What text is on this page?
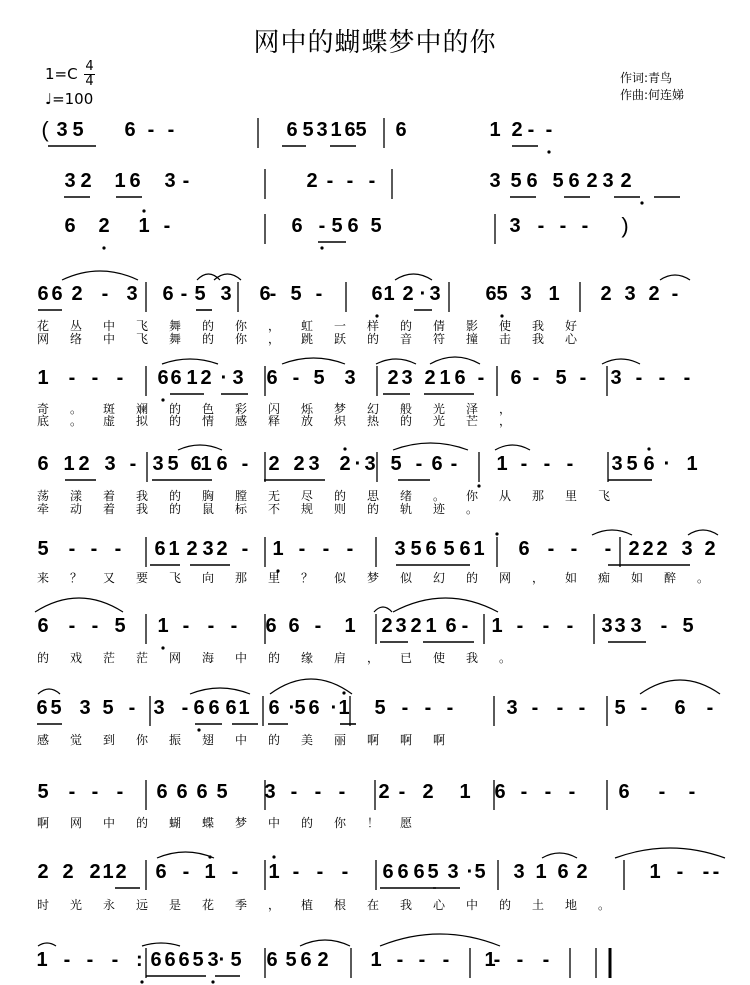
网中的蝴蝶梦中的你
$1=C \frac{4}{4}$
♩=100
作词:青鸟
作曲:何连娣
( 3 5 6 - -	6 5 3 1 6 5 6	1 2 - -
3 2 1 6 3 -	2 - - -	3 5 6 5 6 2 3 2
6 2 1 -	6 - 5 6 5	3 - - - )
6 6 2 - 3 6 - 5 3 6 - 5 - 6 1 2 · 3 6 5 3 1 2 3 2 -
花丛中飞舞的你，虹一样的倩影使我好
网络中飞舞的你，跳跃的音符撞击我心
1 - - - 6 6 1 2 · 3 6 - 5 3 2 3 2 1 6 - 6 - 5 - 3 - - -
奇。斑斓的色彩闪烁梦幻般光泽，
底。虚拟的情感释放炽热的光芒，
6 1 2 3 - 3 5 6
1 6 - 2 2 3 2 · 3 5 - 6 - 1 - - - 3 5 6 · 1
荡漾着我的胸膛无尽的思绪。你从那里飞
牵动着我的鼠标不规则的轨迹。
5 - - - 6 1 2 3 2 - 1 - - - 3 5 6 5 6 1 6 - - - 2 2 2 3 2
来？又要飞向那里？似梦似幻的网，如痴如醉。
6 - - 5 1 - - - 6 6 - 1 2 3 2 1 6 - 1 - - - 3 3 3 - 5
的戏茫茫网海中的缘肩，已使我。
6 5 3 5 - 3 - 6 6 6 1 6 · 5 6 · 1 5 - - -	3 - - - 5 - 6 -
感觉到你振翅中的美丽啊啊啊
5 - - - 6 6 6 5 3 - - - 2 - 2 1 6 - - - 6 - -
啊网中的蝴蝶梦中的你！愿
2 2 2 1 2 6 - 1 - 1 - - - 6 6 6 5 3 · 5 3 1 6 2	1 - - -
时光永远是花季，植根在我心中的土地。
1 - - - : 6 6 6 5 3 · 5 6 5 6 2 1 - - - 1
- - -
